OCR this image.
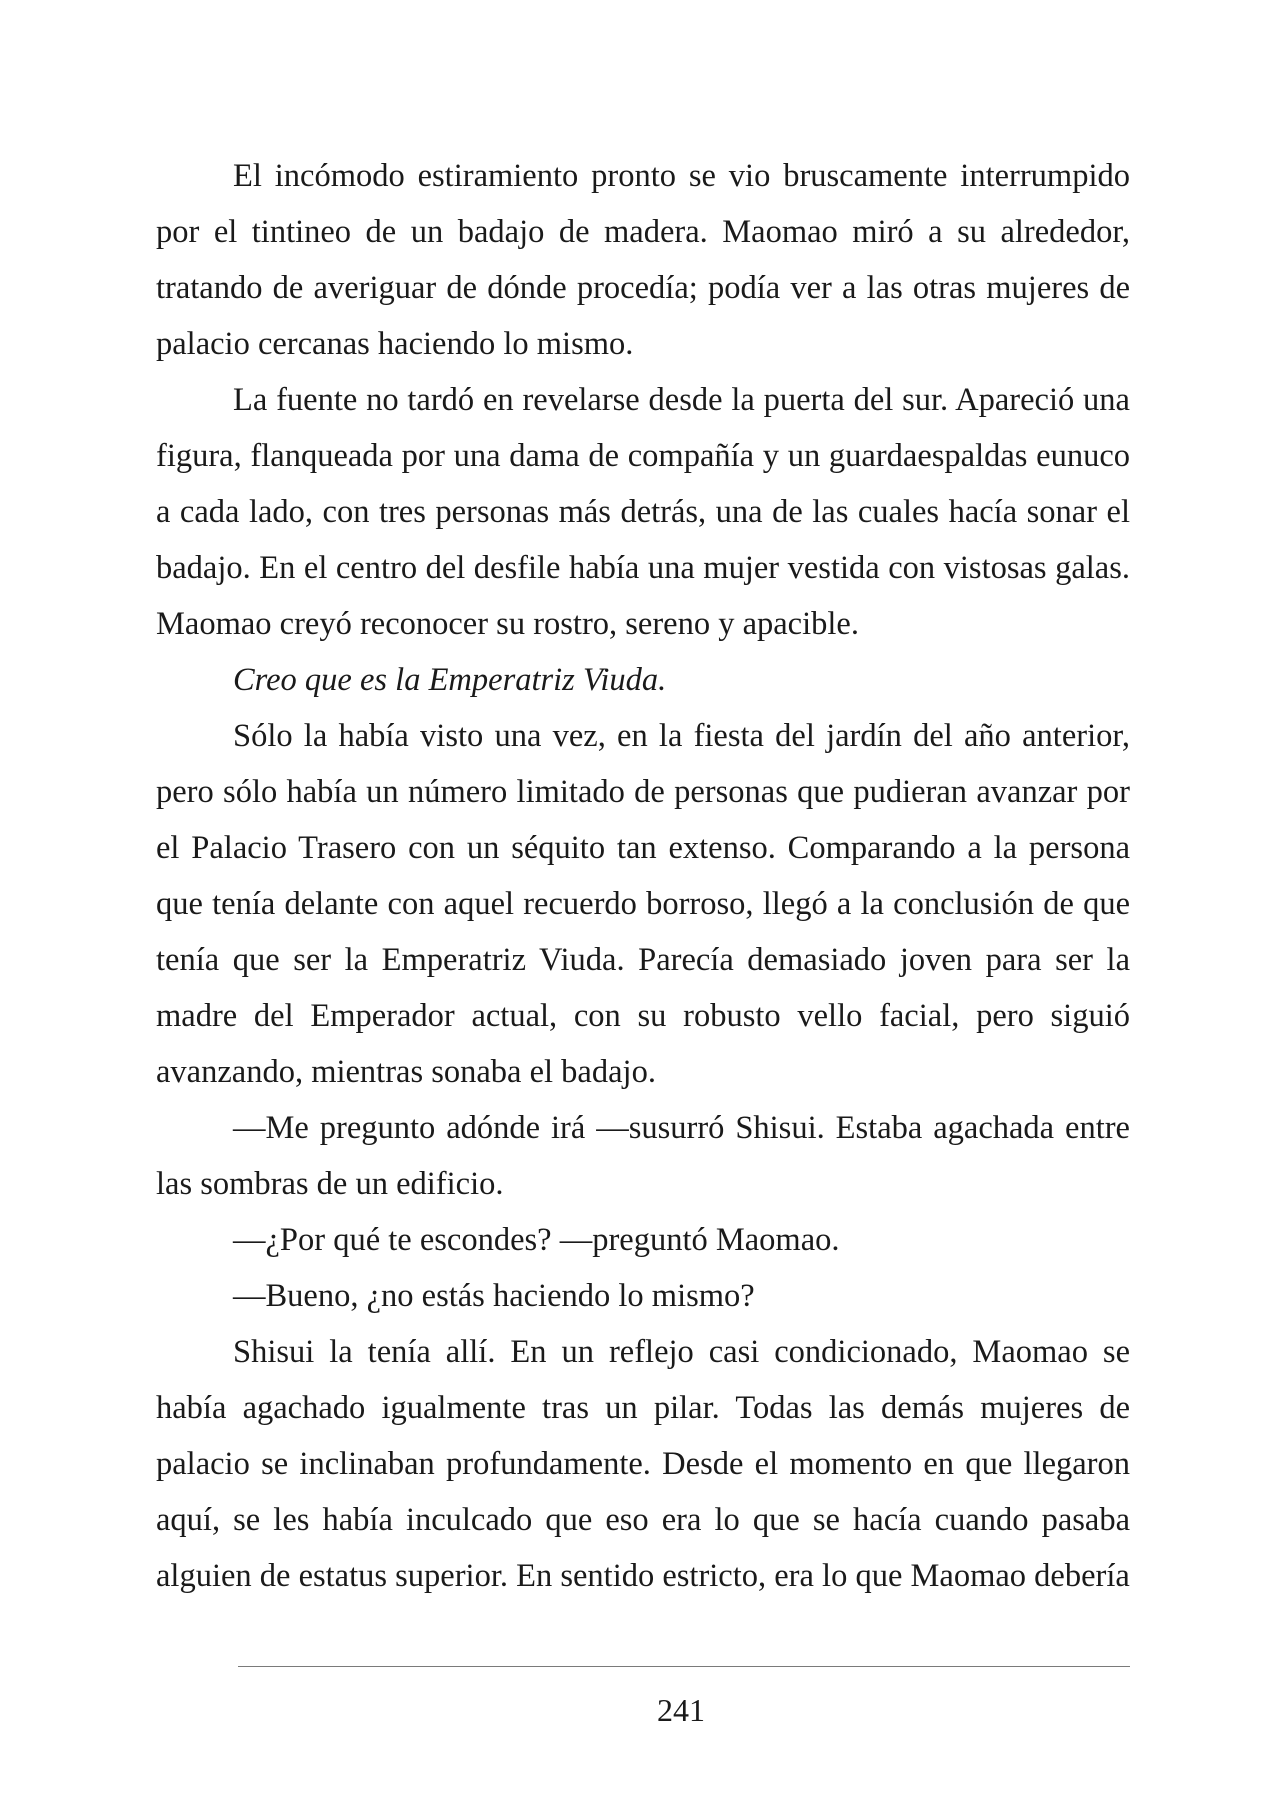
El incómodo estiramiento pronto se vio bruscamente interrumpido por el tintineo de un badajo de madera. Maomao miró a su alrededor, tratando de averiguar de dónde procedía; podía ver a las otras mujeres de palacio cercanas haciendo lo mismo.

La fuente no tardó en revelarse desde la puerta del sur. Apareció una figura, flanqueada por una dama de compañía y un guardaespaldas eunuco a cada lado, con tres personas más detrás, una de las cuales hacía sonar el badajo. En el centro del desfile había una mujer vestida con vistosas galas. Maomao creyó reconocer su rostro, sereno y apacible.

Creo que es la Emperatriz Viuda.

Sólo la había visto una vez, en la fiesta del jardín del año anterior, pero sólo había un número limitado de personas que pudieran avanzar por el Palacio Trasero con un séquito tan extenso. Comparando a la persona que tenía delante con aquel recuerdo borroso, llegó a la conclusión de que tenía que ser la Emperatriz Viuda. Parecía demasiado joven para ser la madre del Emperador actual, con su robusto vello facial, pero siguió avanzando, mientras sonaba el badajo.

—Me pregunto adónde irá —susurró Shisui. Estaba agachada entre las sombras de un edificio.

—¿Por qué te escondes? —preguntó Maomao.

—Bueno, ¿no estás haciendo lo mismo?

Shisui la tenía allí. En un reflejo casi condicionado, Maomao se había agachado igualmente tras un pilar. Todas las demás mujeres de palacio se inclinaban profundamente. Desde el momento en que llegaron aquí, se les había inculcado que eso era lo que se hacía cuando pasaba alguien de estatus superior. En sentido estricto, era lo que Maomao debería

241
